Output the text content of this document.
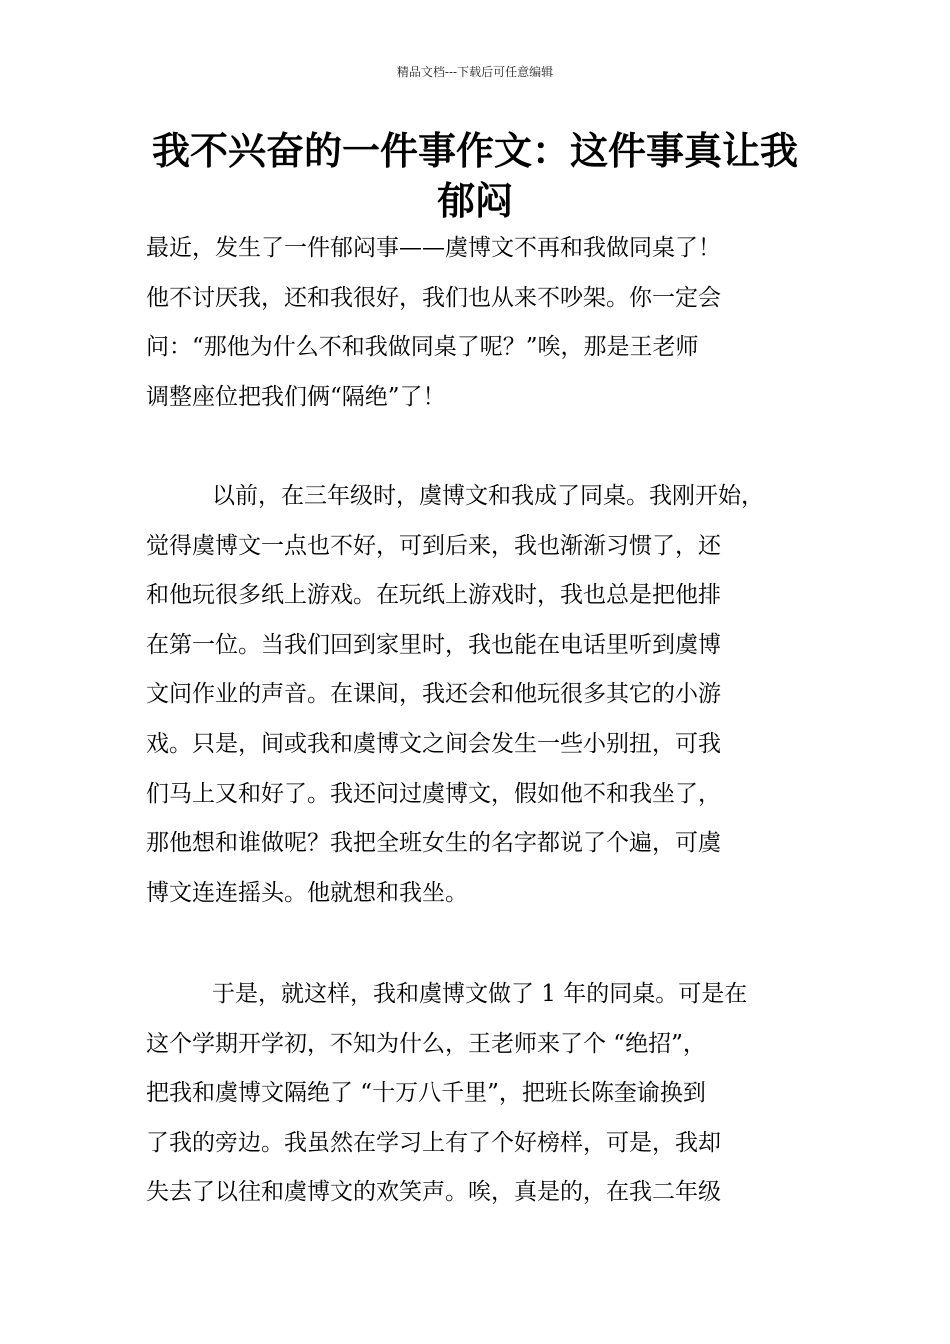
精品文档---下载后可任意编辑
我不兴奋的一件事作文：这件事真让我
郁闷
最近，发生了一件郁闷事——虞博文不再和我做同桌了！
他不讨厌我，还和我很好，我们也从来不吵架。你一定会
问：“那他为什么不和我做同桌了呢？”唉，那是王老师
调整座位把我们俩“隔绝”了！
以前，在三年级时，虞博文和我成了同桌。我刚开始，
觉得虞博文一点也不好，可到后来，我也渐渐习惯了，还
和他玩很多纸上游戏。在玩纸上游戏时，我也总是把他排
在第一位。当我们回到家里时，我也能在电话里听到虞博
文问作业的声音。在课间，我还会和他玩很多其它的小游
戏。只是，间或我和虞博文之间会发生一些小别扭，可我
们马上又和好了。我还问过虞博文，假如他不和我坐了，
那他想和谁做呢？我把全班女生的名字都说了个遍，可虞
博文连连摇头。他就想和我坐。
于是，就这样，我和虞博文做了 1 年的同桌。可是在
这个学期开学初，不知为什么，王老师来了个 “绝招”，
把我和虞博文隔绝了 “十万八千里”，把班长陈奎谕换到
了我的旁边。我虽然在学习上有了个好榜样，可是，我却
失去了以往和虞博文的欢笑声。唉，真是的，在我二年级
